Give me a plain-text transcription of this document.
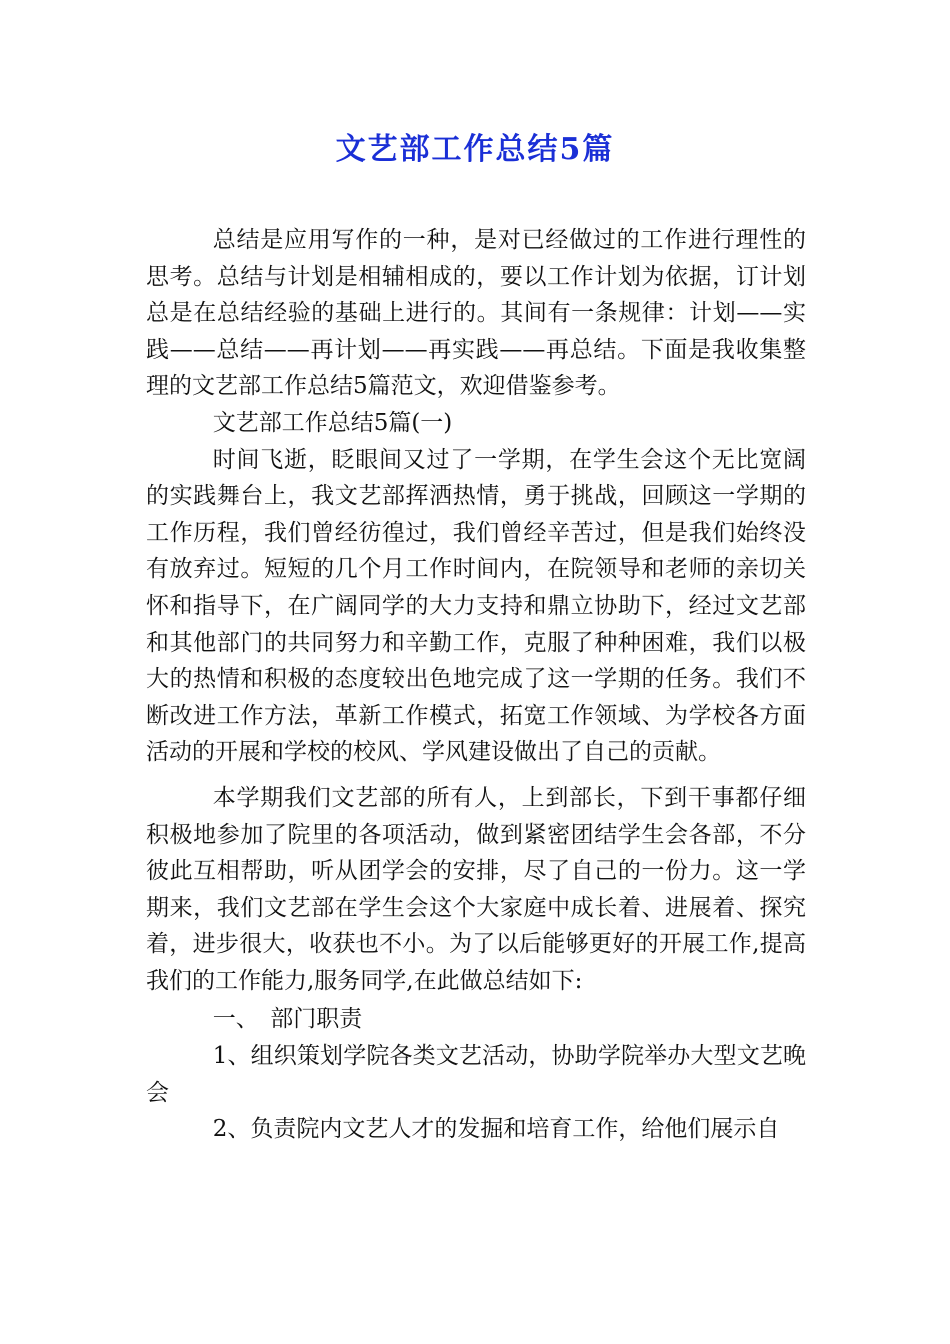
文艺部工作总结5篇

总结是应用写作的一种，是对已经做过的工作进行理性的思考。总结与计划是相辅相成的，要以工作计划为依据，订计划总是在总结经验的基础上进行的。其间有一条规律：计划——实践——总结——再计划——再实践——再总结。下面是我收集整理的文艺部工作总结5篇范文，欢迎借鉴参考。

文艺部工作总结5篇(一)

时间飞逝，眨眼间又过了一学期，在学生会这个无比宽阔的实践舞台上，我文艺部挥洒热情，勇于挑战，回顾这一学期的工作历程，我们曾经彷徨过，我们曾经辛苦过，但是我们始终没有放弃过。短短的几个月工作时间内，在院领导和老师的亲切关怀和指导下，在广阔同学的大力支持和鼎立协助下，经过文艺部和其他部门的共同努力和辛勤工作，克服了种种困难，我们以极大的热情和积极的态度较出色地完成了这一学期的任务。我们不断改进工作方法，革新工作模式，拓宽工作领域、为学校各方面活动的开展和学校的校风、学风建设做出了自己的贡献。

本学期我们文艺部的所有人，上到部长，下到干事都仔细积极地参加了院里的各项活动，做到紧密团结学生会各部，不分彼此互相帮助，听从团学会的安排，尽了自己的一份力。这一学期来，我们文艺部在学生会这个大家庭中成长着、进展着、探究着，进步很大，收获也不小。为了以后能够更好的开展工作,提高我们的工作能力,服务同学,在此做总结如下:

一、　部门职责

1、组织策划学院各类文艺活动，协助学院举办大型文艺晚会

2、负责院内文艺人才的发掘和培育工作，给他们展示自
